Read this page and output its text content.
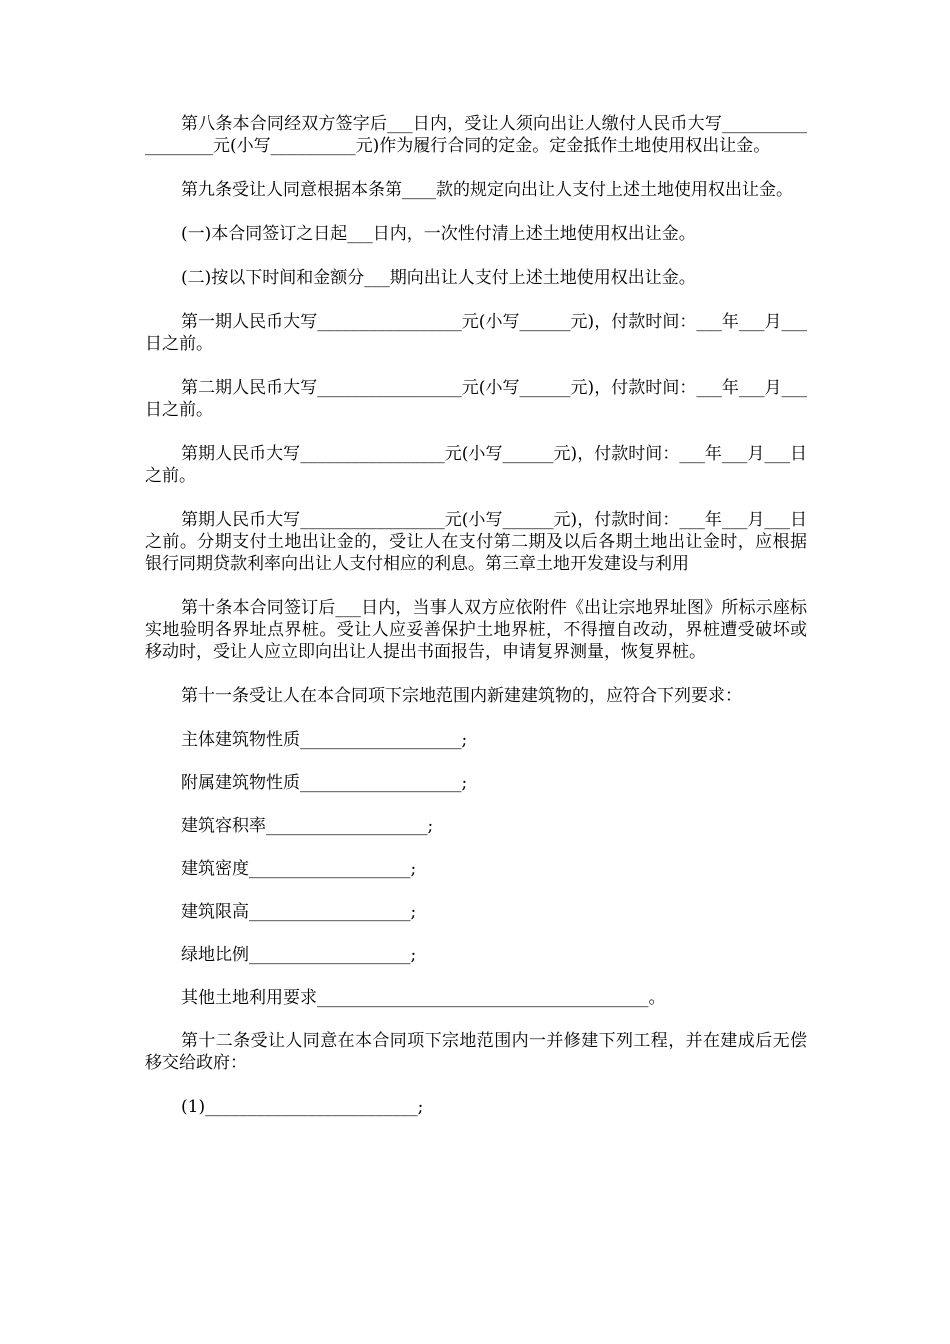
第八条本合同经双方签字后___日内，受让人须向出让人缴付人民币大写__________________元(小写__________元)作为履行合同的定金。定金抵作土地使用权出让金。

第九条受让人同意根据本条第____款的规定向出让人支付上述土地使用权出让金。

(一)本合同签订之日起___日内，一次性付清上述土地使用权出让金。

(二)按以下时间和金额分___期向出让人支付上述土地使用权出让金。

第一期人民币大写_________________元(小写______元)，付款时间：___年___月___日之前。

第二期人民币大写_________________元(小写______元)，付款时间：___年___月___日之前。

第期人民币大写_________________元(小写______元)，付款时间：___年___月___日之前。

第期人民币大写_________________元(小写______元)，付款时间：___年___月___日之前。分期支付土地出让金的，受让人在支付第二期及以后各期土地出让金时，应根据银行同期贷款利率向出让人支付相应的利息。第三章土地开发建设与利用

第十条本合同签订后___日内，当事人双方应依附件《出让宗地界址图》所标示座标实地验明各界址点界桩。受让人应妥善保护土地界桩，不得擅自改动，界桩遭受破坏或移动时，受让人应立即向出让人提出书面报告，申请复界测量，恢复界桩。

第十一条受让人在本合同项下宗地范围内新建建筑物的，应符合下列要求：

主体建筑物性质___________________;

附属建筑物性质___________________;

建筑容积率___________________;

建筑密度___________________;

建筑限高___________________;

绿地比例___________________;

其他土地利用要求_______________________________________。

第十二条受让人同意在本合同项下宗地范围内一并修建下列工程，并在建成后无偿移交给政府：

(1)_________________________;
